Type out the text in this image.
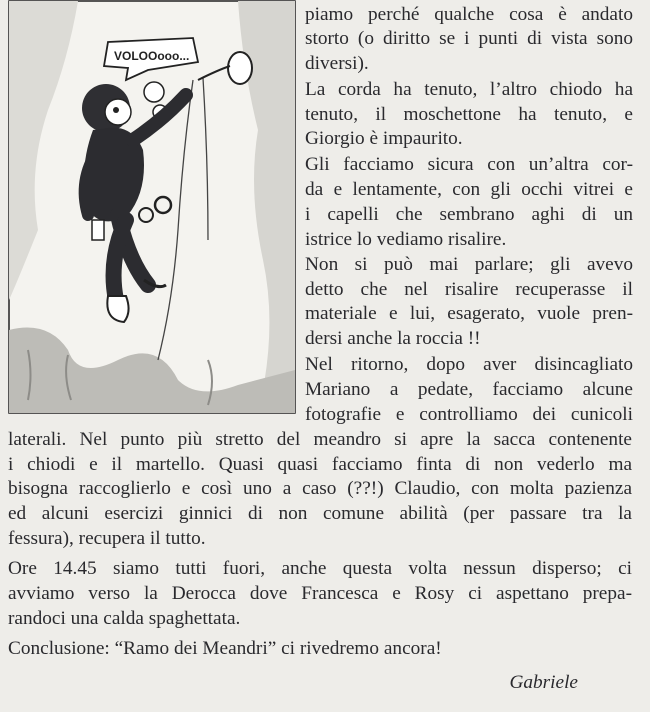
VOLOOooo...
piamo perché qualche cosa è andato
storto (o diritto se i punti di vista sono
diversi).
La corda ha tenuto, l’altro chiodo ha
tenuto, il moschettone ha tenuto, e
Giorgio è impaurito.
Gli facciamo sicura con un’altra cor-
da e lentamente, con gli occhi vitrei e
i capelli che sembrano aghi di un
istrice lo vediamo risalire.
Non si può mai parlare; gli avevo
detto che nel risalire recuperasse il
materiale e lui, esagerato, vuole pren-
dersi anche la roccia !!
Nel ritorno, dopo aver disincagliato
Mariano a pedate, facciamo alcune
fotografie e controlliamo dei cunicoli
laterali. Nel punto più stretto del meandro si apre la sacca contenente
i chiodi e il martello. Quasi quasi facciamo finta di non vederlo ma
bisogna raccoglierlo e così uno a caso (??!) Claudio, con molta pazienza
ed alcuni esercizi ginnici di non comune abilità (per passare tra la
fessura), recupera il tutto.
Ore 14.45 siamo tutti fuori, anche questa volta nessun disperso; ci
avviamo verso la Derocca dove Francesca e Rosy ci aspettano prepa-
randoci una calda spaghettata.
Conclusione: “Ramo dei Meandri” ci rivedremo ancora!
Gabriele
